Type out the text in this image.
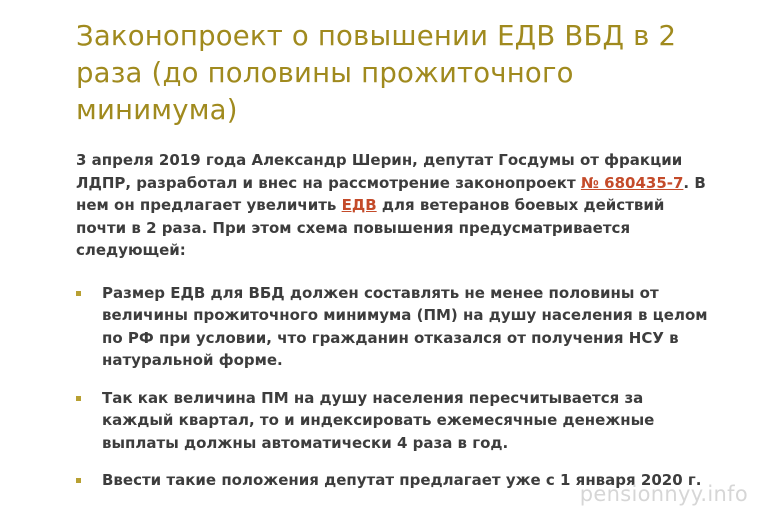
Законопроект о повышении ЕДВ ВБД в 2 раза (до половины прожиточного минимума)

3 апреля 2019 года Александр Шерин, депутат Госдумы от фракции ЛДПР, разработал и внес на рассмотрение законопроект № 680435-7. В нем он предлагает увеличить ЕДВ для ветеранов боевых действий почти в 2 раза. При этом схема повышения предусматривается следующей:

Размер ЕДВ для ВБД должен составлять не менее половины от величины прожиточного минимума (ПМ) на душу населения в целом по РФ при условии, что гражданин отказался от получения НСУ в натуральной форме.
Так как величина ПМ на душу населения пересчитывается за каждый квартал, то и индексировать ежемесячные денежные выплаты должны автоматически 4 раза в год.
Ввести такие положения депутат предлагает уже с 1 января 2020 г.
pensionnyy.info
